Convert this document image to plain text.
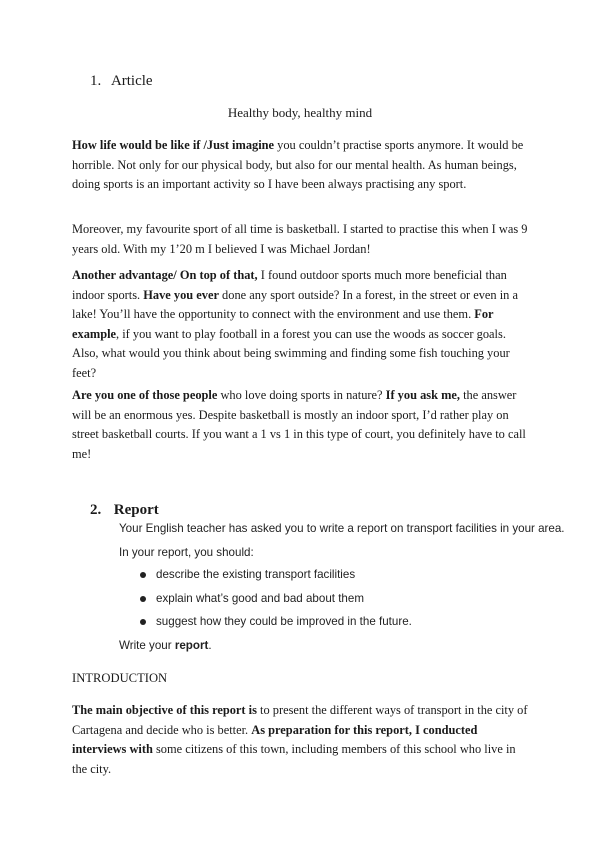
1. Article
Healthy body, healthy mind
How life would be like if /Just imagine you couldn’t practise sports anymore. It would be horrible. Not only for our physical body, but also for our mental health. As human beings, doing sports is an important activity so I have been always practising any sport.
Moreover, my favourite sport of all time is basketball. I started to practise this when I was 9 years old. With my 1’20 m I believed I was Michael Jordan!
Another advantage/ On top of that, I found outdoor sports much more beneficial than indoor sports. Have you ever done any sport outside? In a forest, in the street or even in a lake! You’ll have the opportunity to connect with the environment and use them. For example, if you want to play football in a forest you can use the woods as soccer goals. Also, what would you think about being swimming and finding some fish touching your feet?
Are you one of those people who love doing sports in nature? If you ask me, the answer will be an enormous yes. Despite basketball is mostly an indoor sport, I’d rather play on street basketball courts. If you want a 1 vs 1 in this type of court, you definitely have to call me!
2. Report
Your English teacher has asked you to write a report on transport facilities in your area.
In your report, you should:
describe the existing transport facilities
explain what’s good and bad about them
suggest how they could be improved in the future.
Write your report.
INTRODUCTION
The main objective of this report is to present the different ways of transport in the city of Cartagena and decide who is better. As preparation for this report, I conducted interviews with some citizens of this town, including members of this school who live in the city.
